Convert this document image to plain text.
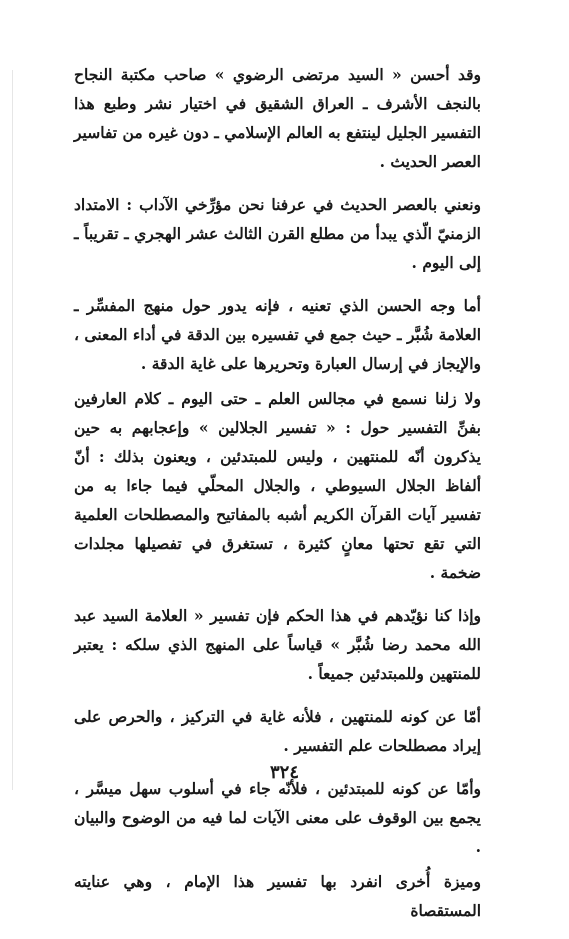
وقد أحسن « السيد مرتضى الرضوي » صاحب مكتبة النجاح بالنجف الأشرف ـ العراق الشقيق في اختيار نشر وطبع هذا التفسير الجليل لينتفع به العالم الإسلامي ـ دون غيره من تفاسير العصر الحديث .

ونعني بالعصر الحديث في عرفنا نحن مؤرِّخي الآداب : الامتداد الزمنيّ الّذي يبدأ من مطلع القرن الثالث عشر الهجري ـ تقريباً ـ إلى اليوم .

أما وجه الحسن الذي تعنيه ، فإنه يدور حول منهج المفسِّر ـ العلامة شُبَّر ـ حيث جمع في تفسيره بين الدقة في أداء المعنى ، والإيجاز في إرسال العبارة وتحريرها على غاية الدقة .

ولا زلنا نسمع في مجالس العلم ـ حتى اليوم ـ كلام العارفين بفنِّ التفسير حول : « تفسير الجلالين » وإعجابهم به حين يذكرون أنّه للمنتهين ، وليس للمبتدئين ، ويعنون بذلك : أنّ ألفاظ الجلال السيوطي ، والجلال المحلّي فيما جاءا به من تفسير آيات القرآن الكريم أشبه بالمفاتيح والمصطلحات العلمية التي تقع تحتها معانٍ كثيرة ، تستغرق في تفصيلها مجلدات ضخمة .

وإذا كنا نؤيّدهم في هذا الحكم فإن تفسير « العلامة السيد عبد الله محمد رضا شُبَّر » قياساً على المنهج الذي سلكه : يعتبر للمنتهين وللمبتدئين جميعاً .

أمّا عن كونه للمنتهين ، فلأنه غاية في التركيز ، والحرص على إيراد مصطلحات علم التفسير .

وأمّا عن كونه للمبتدئين ، فلأنّه جاء في أسلوب سهل ميسَّر ، يجمع بين الوقوف على معنى الآيات لما فيه من الوضوح والبيان .

وميزة أُخرى انفرد بها تفسير هذا الإمام ، وهي عنايته المستقصاة

٣٢٤
